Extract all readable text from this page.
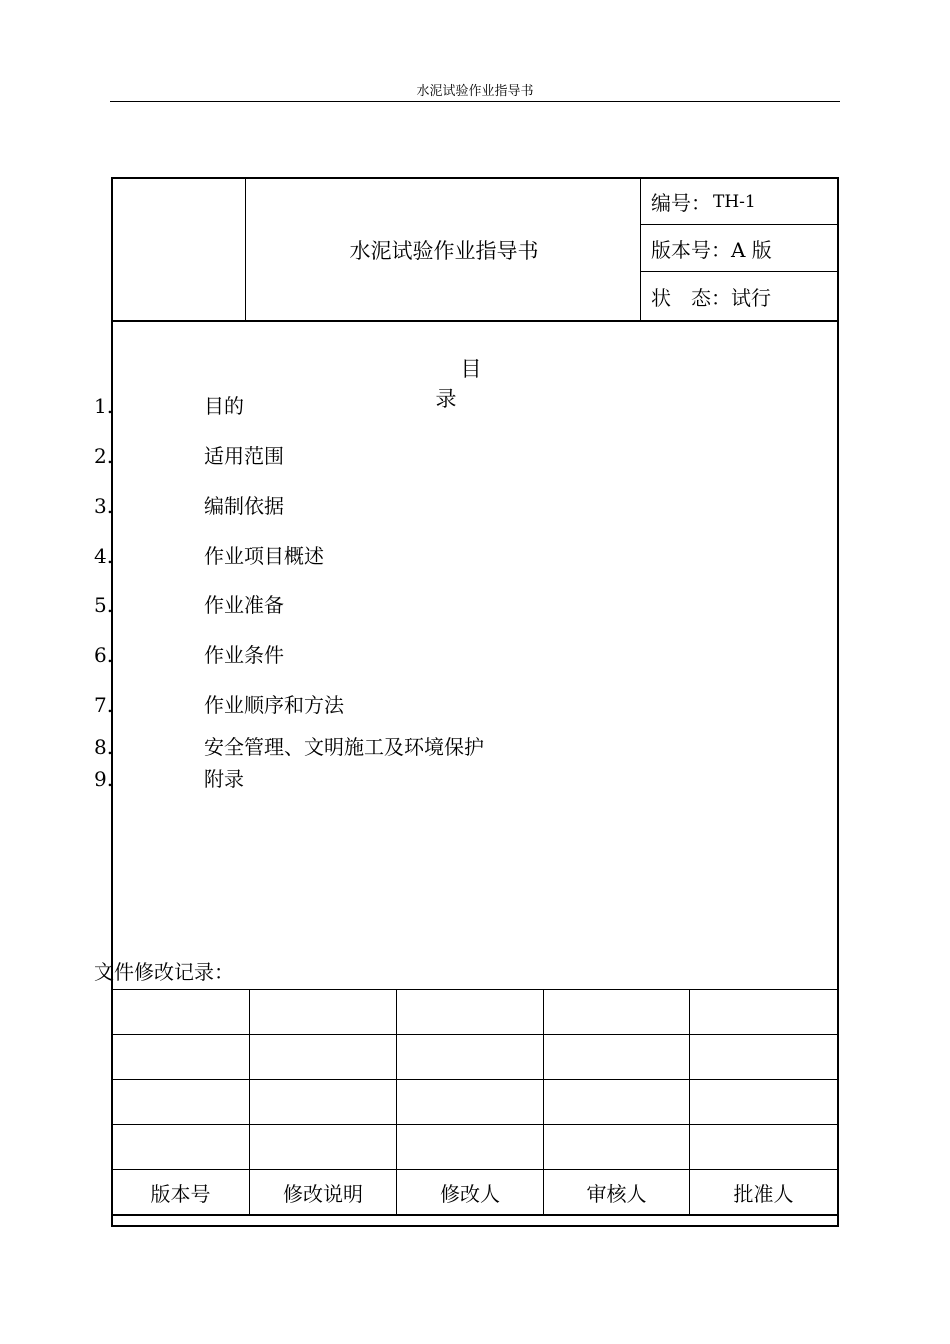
水泥试验作业指导书
水泥试验作业指导书
编号： TH-1
版本号：A 版
状　态：试行
目录
1.	目的
2.	适用范围
3.	编制依据
4.	作业项目概述
5.	作业准备
6.	作业条件
7.	作业顺序和方法
8.	安全管理、文明施工及环境保护
9.	附录
文件修改记录：

版本号	修改说明	修改人	审核人	批准人
